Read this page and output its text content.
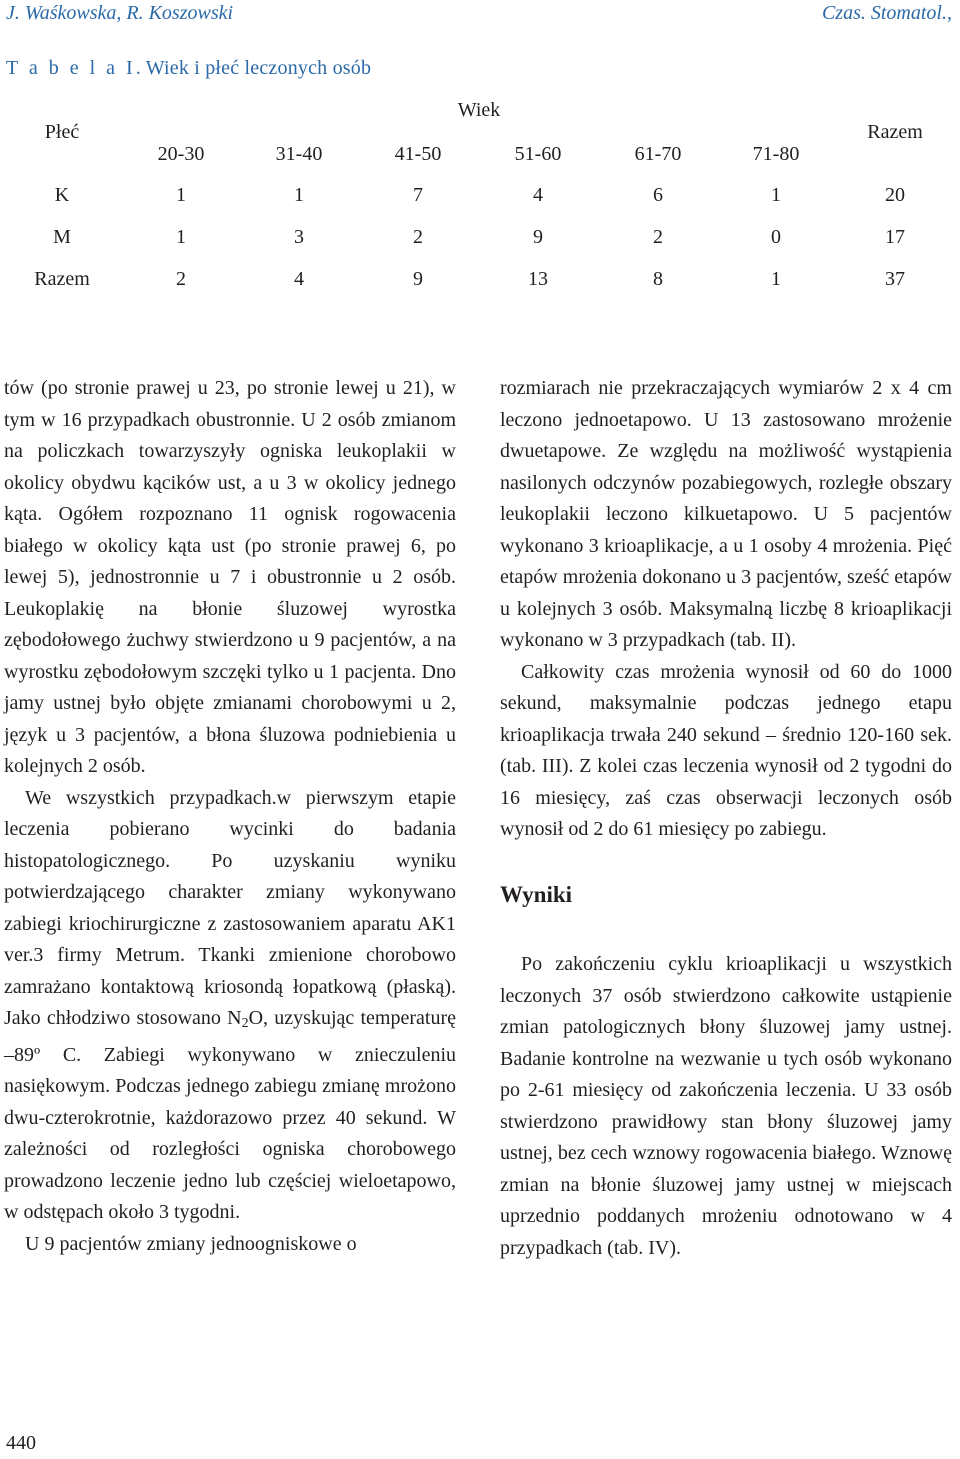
J. Waśkowska, R. Koszowski	Czas. Stomatol.,
T a b e l a I. Wiek i płeć leczonych osób
Płeć
Wiek
Razem
20-30	31-40	41-50	51-60	61-70	71-80
K	1	1	7	4	6	1	20
M	1	3	2	9	2	0	17
Razem	2	4	9	13	8	1	37

tów (po stronie prawej u 23, po stronie lewej u 21), w tym w 16 przypadkach obustronnie. U 2 osób zmianom na policzkach towarzyszyły ogniska leukoplakii w okolicy obydwu kącików ust, a u 3 w okolicy jednego kąta. Ogółem rozpoznano 11 ognisk rogowacenia białego w okolicy kąta ust (po stronie prawej 6, po lewej 5), jednostronnie u 7 i obustronnie u 2 osób. Leukoplakię na błonie śluzowej wyrostka zębodołowego żuchwy stwierdzono u 9 pacjentów, a na wyrostku zębodołowym szczęki tylko u 1 pacjenta. Dno jamy ustnej było objęte zmianami chorobowymi u 2, język u 3 pacjentów, a błona śluzowa podniebienia u kolejnych 2 osób.

We wszystkich przypadkach.w pierwszym etapie leczenia pobierano wycinki do badania histopatologicznego. Po uzyskaniu wyniku potwierdzającego charakter zmiany wykonywano zabiegi kriochirurgiczne z zastosowaniem aparatu AK1 ver.3 firmy Metrum. Tkanki zmienione chorobowo zamrażano kontaktową kriosondą łopatkową (płaską). Jako chłodziwo stosowano $N_2O$, uzyskując temperaturę –89º C. Zabiegi wykonywano w znieczuleniu nasiękowym. Podczas jednego zabiegu zmianę mrożono dwu-czterokrotnie, każdorazowo przez 40 sekund. W zależności od rozległości ogniska chorobowego prowadzono leczenie jedno lub częściej wieloetapowo, w odstępach około 3 tygodni.

U 9 pacjentów zmiany jednoogniskowe o

rozmiarach nie przekraczających wymiarów 2 x 4 cm leczono jednoetapowo. U 13 zastosowano mrożenie dwuetapowe. Ze względu na możliwość wystąpienia nasilonych odczynów pozabiegowych, rozległe obszary leukoplakii leczono kilkuetapowo. U 5 pacjentów wykonano 3 krioaplikacje, a u 1 osoby 4 mrożenia. Pięć etapów mrożenia dokonano u 3 pacjentów, sześć etapów u kolejnych 3 osób. Maksymalną liczbę 8 krioaplikacji wykonano w 3 przypadkach (tab. II).

Całkowity czas mrożenia wynosił od 60 do 1000 sekund, maksymalnie podczas jednego etapu krioaplikacja trwała 240 sekund – średnio 120-160 sek. (tab. III). Z kolei czas leczenia wynosił od 2 tygodni do 16 miesięcy, zaś czas obserwacji leczonych osób wynosił od 2 do 61 miesięcy po zabiegu.

Wyniki

Po zakończeniu cyklu krioaplikacji u wszystkich leczonych 37 osób stwierdzono całkowite ustąpienie zmian patologicznych błony śluzowej jamy ustnej. Badanie kontrolne na wezwanie u tych osób wykonano po 2-61 miesięcy od zakończenia leczenia. U 33 osób stwierdzono prawidłowy stan błony śluzowej jamy ustnej, bez cech wznowy rogowacenia białego. Wznowę zmian na błonie śluzowej jamy ustnej w miejscach uprzednio poddanych mrożeniu odnotowano w 4 przypadkach (tab. IV).

440
